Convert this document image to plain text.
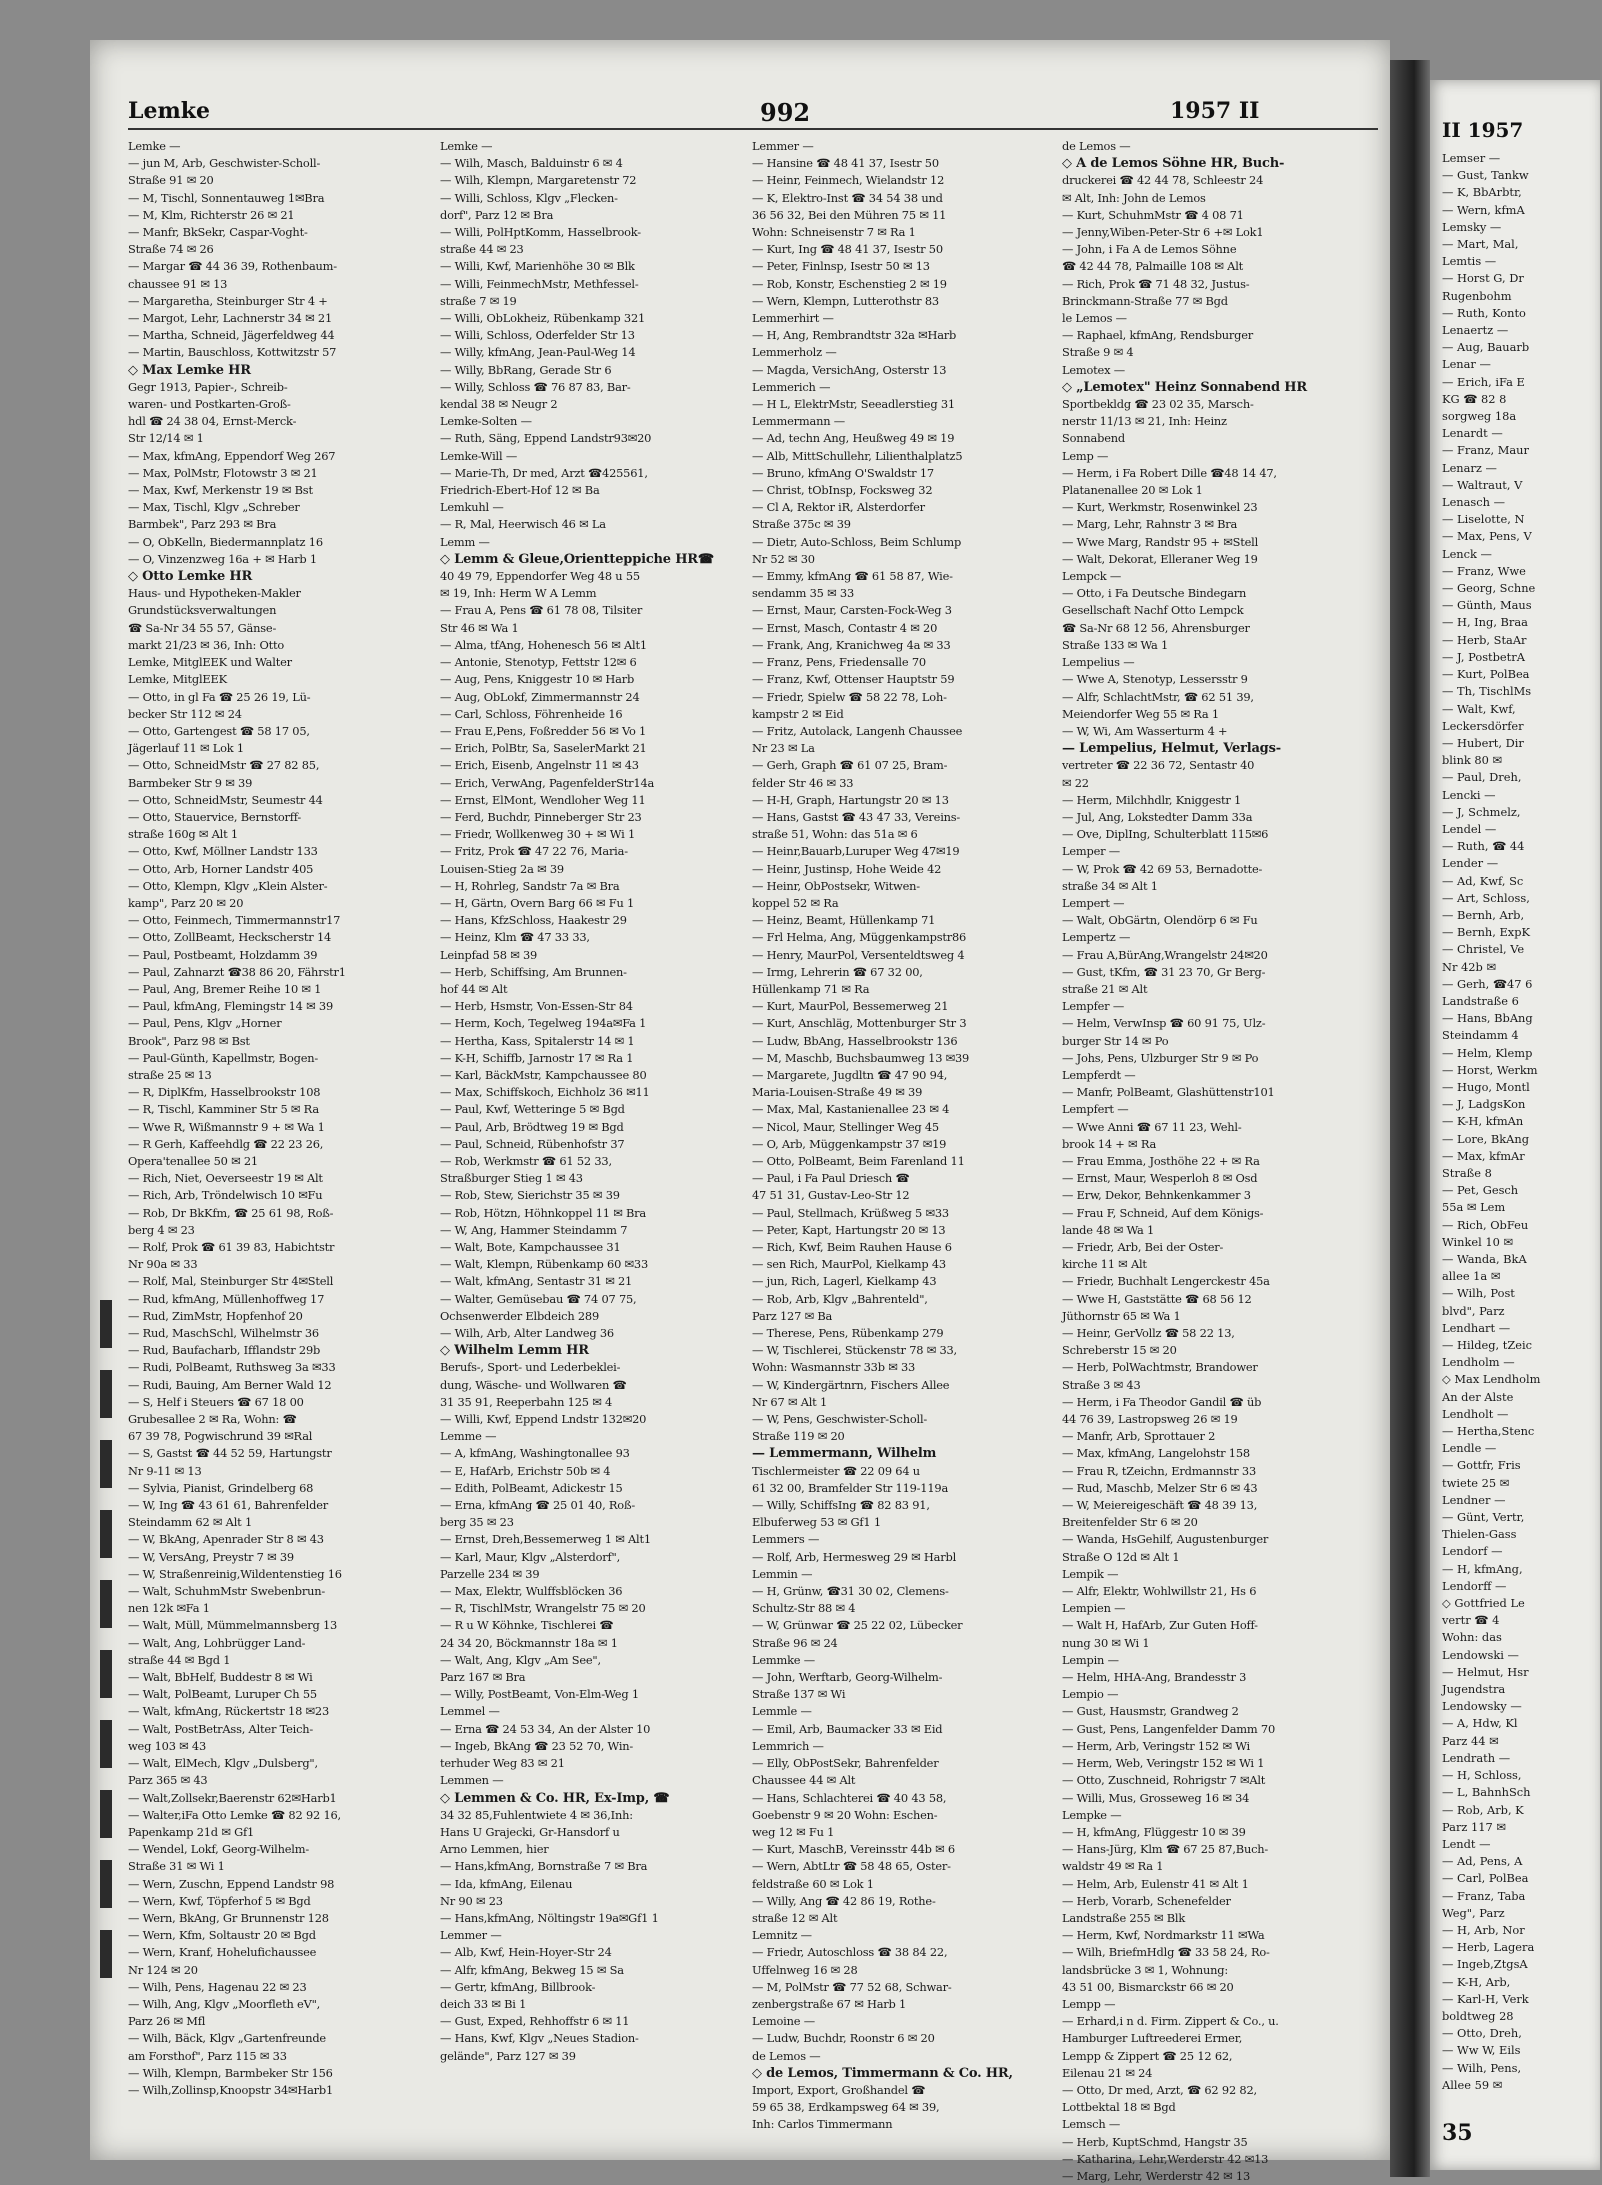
II 1957
Lemser —
— Gust, Tankw
— K, BbArbtr,
— Wern, kfmA
Lemsky —
— Mart, Mal,
Lemtis —
— Horst G, Dr
Rugenbohm
— Ruth, Konto
Lenaertz —
— Aug, Bauarb
Lenar —
— Erich, iFa E
KG ☎ 82 8
sorgweg 18a
Lenardt —
— Franz, Maur
Lenarz —
— Waltraut, V
Lenasch —
— Liselotte, N
— Max, Pens, V
Lenck —
— Franz, Wwe
— Georg, Schne
— Günth, Maus
— H, Ing, Braa
— Herb, StaAr
— J, PostbetrA
— Kurt, PolBea
— Th, TischlMs
— Walt, Kwf,
Leckersdörfer
— Hubert, Dir
blink 80 ✉
— Paul, Dreh,
Lencki —
— J, Schmelz,
Lendel —
— Ruth, ☎ 44
Lender —
— Ad, Kwf, Sc
— Art, Schloss,
— Bernh, Arb,
— Bernh, ExpK
— Christel, Ve
Nr 42b ✉
— Gerh, ☎47 6
Landstraße 6
— Hans, BbAng
Steindamm 4
— Helm, Klemp
— Horst, Werkm
— Hugo, Montl
— J, LadgsKon
— K-H, kfmAn
— Lore, BkAng
— Max, kfmAr
Straße 8
— Pet, Gesch
55a ✉ Lem
— Rich, ObFeu
Winkel 10 ✉
— Wanda, BkA
allee 1a ✉
— Wilh, Post
blvd", Parz
Lendhart —
— Hildeg, tZeic
Lendholm —
◇ Max Lendholm
An der Alste
Lendholt —
— Hertha,Stenc
Lendle —
— Gottfr, Fris
twiete 25 ✉
Lendner —
— Günt, Vertr,
Thielen-Gass
Lendorf —
— H, kfmAng,
Lendorff —
◇ Gottfried Le
vertr ☎ 4
Wohn: das
Lendowski —
— Helmut, Hsr
Jugendstra
Lendowsky —
— A, Hdw, Kl
Parz 44 ✉
Lendrath —
— H, Schloss,
— L, BahnhSch
— Rob, Arb, K
Parz 117 ✉
Lendt —
— Ad, Pens, A
— Carl, PolBea
— Franz, Taba
Weg", Parz
— H, Arb, Nor
— Herb, Lagera
— Ingeb,ZtgsA
— K-H, Arb,
— Karl-H, Verk
boldtweg 28
— Otto, Dreh,
— Ww W, Eils
— Wilh, Pens,
Allee 59 ✉
35
Lemke	992	1957 II
Lemke —
— jun M, Arb, Geschwister-Scholl-
Straße 91 ✉ 20
— M, Tischl, Sonnentauweg 1✉Bra
— M, Klm, Richterstr 26 ✉ 21
— Manfr, BkSekr, Caspar-Voght-
Straße 74 ✉ 26
— Margar ☎ 44 36 39, Rothenbaum-
chaussee 91 ✉ 13
— Margaretha, Steinburger Str 4 +
— Margot, Lehr, Lachnerstr 34 ✉ 21
— Martha, Schneid, Jägerfeldweg 44
— Martin, Bauschloss, Kottwitzstr 57
◇ Max Lemke HR
Gegr 1913, Papier-, Schreib-
waren- und Postkarten-Groß-
hdl ☎ 24 38 04, Ernst-Merck-
Str 12/14 ✉ 1
— Max, kfmAng, Eppendorf Weg 267
— Max, PolMstr, Flotowstr 3 ✉ 21
— Max, Kwf, Merkenstr 19 ✉ Bst
— Max, Tischl, Klgv „Schreber
Barmbek", Parz 293 ✉ Bra
— O, ObKelln, Biedermannplatz 16
— O, Vinzenzweg 16a + ✉ Harb 1
◇ Otto Lemke HR
Haus- und Hypotheken-Makler
Grundstücksverwaltungen
☎ Sa-Nr 34 55 57, Gänse-
markt 21/23 ✉ 36, Inh: Otto
Lemke, MitglEEK und Walter
Lemke, MitglEEK
— Otto, in gl Fa ☎ 25 26 19, Lü-
becker Str 112 ✉ 24
— Otto, Gartengest ☎ 58 17 05,
Jägerlauf 11 ✉ Lok 1
— Otto, SchneidMstr ☎ 27 82 85,
Barmbeker Str 9 ✉ 39
— Otto, SchneidMstr, Seumestr 44
— Otto, Stauervice, Bernstorff-
straße 160g ✉ Alt 1
— Otto, Kwf, Möllner Landstr 133
— Otto, Arb, Horner Landstr 405
— Otto, Klempn, Klgv „Klein Alster-
kamp", Parz 20 ✉ 20
— Otto, Feinmech, Timmermannstr17
— Otto, ZollBeamt, Heckscherstr 14
— Paul, Postbeamt, Holzdamm 39
— Paul, Zahnarzt ☎38 86 20, Fährstr1
— Paul, Ang, Bremer Reihe 10 ✉ 1
— Paul, kfmAng, Flemingstr 14 ✉ 39
— Paul, Pens, Klgv „Horner
Brook", Parz 98 ✉ Bst
— Paul-Günth, Kapellmstr, Bogen-
straße 25 ✉ 13
— R, DiplKfm, Hasselbrookstr 108
— R, Tischl, Kamminer Str 5 ✉ Ra
— Wwe R, Wißmannstr 9 + ✉ Wa 1
— R Gerh, Kaffeehdlg ☎ 22 23 26,
Opera'tenallee 50 ✉ 21
— Rich, Niet, Oeverseestr 19 ✉ Alt
— Rich, Arb, Tröndelwisch 10 ✉Fu
— Rob, Dr BkKfm, ☎ 25 61 98, Roß-
berg 4 ✉ 23
— Rolf, Prok ☎ 61 39 83, Habichtstr
Nr 90a ✉ 33
— Rolf, Mal, Steinburger Str 4✉Stell
— Rud, kfmAng, Müllenhoffweg 17
— Rud, ZimMstr, Hopfenhof 20
— Rud, MaschSchl, Wilhelmstr 36
— Rud, Baufacharb, Ifflandstr 29b
— Rudi, PolBeamt, Ruthsweg 3a ✉33
— Rudi, Bauing, Am Berner Wald 12
— S, Helf i Steuers ☎ 67 18 00
Grubesallee 2 ✉ Ra, Wohn: ☎
67 39 78, Pogwischrund 39 ✉Ral
— S, Gastst ☎ 44 52 59, Hartungstr
Nr 9-11 ✉ 13
— Sylvia, Pianist, Grindelberg 68
— W, Ing ☎ 43 61 61, Bahrenfelder
Steindamm 62 ✉ Alt 1
— W, BkAng, Apenrader Str 8 ✉ 43
— W, VersAng, Preystr 7 ✉ 39
— W, Straßenreinig,Wildentenstieg 16
— Walt, SchuhmMstr Swebenbrun-
nen 12k ✉Fa 1
— Walt, Müll, Mümmelmannsberg 13
— Walt, Ang, Lohbrügger Land-
straße 44 ✉ Bgd 1
— Walt, BbHelf, Buddestr 8 ✉ Wi
— Walt, PolBeamt, Luruper Ch 55
— Walt, kfmAng, Rückertstr 18 ✉23
— Walt, PostBetrAss, Alter Teich-
weg 103 ✉ 43
— Walt, ElMech, Klgv „Dulsberg",
Parz 365 ✉ 43
— Walt,Zollsekr,Baerenstr 62✉Harb1
— Walter,iFa Otto Lemke ☎ 82 92 16,
Papenkamp 21d ✉ Gf1
— Wendel, Lokf, Georg-Wilhelm-
Straße 31 ✉ Wi 1
— Wern, Zuschn, Eppend Landstr 98
— Wern, Kwf, Töpferhof 5 ✉ Bgd
— Wern, BkAng, Gr Brunnenstr 128
— Wern, Kfm, Soltaustr 20 ✉ Bgd
— Wern, Kranf, Hohelufichaussee
Nr 124 ✉ 20
— Wilh, Pens, Hagenau 22 ✉ 23
— Wilh, Ang, Klgv „Moorfleth eV",
Parz 26 ✉ Mfl
— Wilh, Bäck, Klgv „Gartenfreunde
am Forsthof", Parz 115 ✉ 33
— Wilh, Klempn, Barmbeker Str 156
— Wilh,Zollinsp,Knoopstr 34✉Harb1
Lemke —
— Wilh, Masch, Balduinstr 6 ✉ 4
— Wilh, Klempn, Margaretenstr 72
— Willi, Schloss, Klgv „Flecken-
dorf", Parz 12 ✉ Bra
— Willi, PolHptKomm, Hasselbrook-
straße 44 ✉ 23
— Willi, Kwf, Marienhöhe 30 ✉ Blk
— Willi, FeinmechMstr, Methfessel-
straße 7 ✉ 19
— Willi, ObLokheiz, Rübenkamp 321
— Willi, Schloss, Oderfelder Str 13
— Willy, kfmAng, Jean-Paul-Weg 14
— Willy, BbRang, Gerade Str 6
— Willy, Schloss ☎ 76 87 83, Bar-
kendal 38 ✉ Neugr 2
Lemke-Solten —
— Ruth, Säng, Eppend Landstr93✉20
Lemke-Will —
— Marie-Th, Dr med, Arzt ☎425561,
Friedrich-Ebert-Hof 12 ✉ Ba
Lemkuhl —
— R, Mal, Heerwisch 46 ✉ La
Lemm —
◇ Lemm & Gleue,Orientteppiche HR☎
40 49 79, Eppendorfer Weg 48 u 55
✉ 19, Inh: Herm W A Lemm
— Frau A, Pens ☎ 61 78 08, Tilsiter
Str 46 ✉ Wa 1
— Alma, tfAng, Hohenesch 56 ✉ Alt1
— Antonie, Stenotyp, Fettstr 12✉ 6
— Aug, Pens, Kniggestr 10 ✉ Harb
— Aug, ObLokf, Zimmermannstr 24
— Carl, Schloss, Föhrenheide 16
— Frau E,Pens, Foßredder 56 ✉ Vo 1
— Erich, PolBtr, Sa, SaselerMarkt 21
— Erich, Eisenb, Angelnstr 11 ✉ 43
— Erich, VerwAng, PagenfelderStr14a
— Ernst, ElMont, Wendloher Weg 11
— Ferd, Buchdr, Pinneberger Str 23
— Friedr, Wollkenweg 30 + ✉ Wi 1
— Fritz, Prok ☎ 47 22 76, Maria-
Louisen-Stieg 2a ✉ 39
— H, Rohrleg, Sandstr 7a ✉ Bra
— H, Gärtn, Overn Barg 66 ✉ Fu 1
— Hans, KfzSchloss, Haakestr 29
— Heinz, Klm ☎ 47 33 33,
Leinpfad 58 ✉ 39
— Herb, Schiffsing, Am Brunnen-
hof 44 ✉ Alt
— Herb, Hsmstr, Von-Essen-Str 84
— Herm, Koch, Tegelweg 194a✉Fa 1
— Hertha, Kass, Spitalerstr 14 ✉ 1
— K-H, Schiffb, Jarnostr 17 ✉ Ra 1
— Karl, BäckMstr, Kampchaussee 80
— Max, Schiffskoch, Eichholz 36 ✉11
— Paul, Kwf, Wetteringe 5 ✉ Bgd
— Paul, Arb, Brödtweg 19 ✉ Bgd
— Paul, Schneid, Rübenhofstr 37
— Rob, Werkmstr ☎ 61 52 33,
Straßburger Stieg 1 ✉ 43
— Rob, Stew, Sierichstr 35 ✉ 39
— Rob, Hötzn, Höhnkoppel 11 ✉ Bra
— W, Ang, Hammer Steindamm 7
— Walt, Bote, Kampchaussee 31
— Walt, Klempn, Rübenkamp 60 ✉33
— Walt, kfmAng, Sentastr 31 ✉ 21
— Walter, Gemüsebau ☎ 74 07 75,
Ochsenwerder Elbdeich 289
— Wilh, Arb, Alter Landweg 36
◇ Wilhelm Lemm HR
Berufs-, Sport- und Lederbeklei-
dung, Wäsche- und Wollwaren ☎
31 35 91, Reeperbahn 125 ✉ 4
— Willi, Kwf, Eppend Lndstr 132✉20
Lemme —
— A, kfmAng, Washingtonallee 93
— E, HafArb, Erichstr 50b ✉ 4
— Edith, PolBeamt, Adickestr 15
— Erna, kfmAng ☎ 25 01 40, Roß-
berg 35 ✉ 23
— Ernst, Dreh,Bessemerweg 1 ✉ Alt1
— Karl, Maur, Klgv „Alsterdorf",
Parzelle 234 ✉ 39
— Max, Elektr, Wulffsblöcken 36
— R, TischlMstr, Wrangelstr 75 ✉ 20
— R u W Köhnke, Tischlerei ☎
24 34 20, Böckmannstr 18a ✉ 1
— Walt, Ang, Klgv „Am See",
Parz 167 ✉ Bra
— Willy, PostBeamt, Von-Elm-Weg 1
Lemmel —
— Erna ☎ 24 53 34, An der Alster 10
— Ingeb, BkAng ☎ 23 52 70, Win-
terhuder Weg 83 ✉ 21
Lemmen —
◇ Lemmen & Co. HR, Ex-Imp, ☎
34 32 85,Fuhlentwiete 4 ✉ 36,Inh:
Hans U Grajecki, Gr-Hansdorf u
Arno Lemmen, hier
— Hans,kfmAng, Bornstraße 7 ✉ Bra
— Ida, kfmAng, Eilenau
Nr 90 ✉ 23
— Hans,kfmAng, Nöltingstr 19a✉Gf1 1
Lemmer —
— Alb, Kwf, Hein-Hoyer-Str 24
— Alfr, kfmAng, Bekweg 15 ✉ Sa
— Gertr, kfmAng, Billbrook-
deich 33 ✉ Bi 1
— Gust, Exped, Rehhoffstr 6 ✉ 11
— Hans, Kwf, Klgv „Neues Stadion-
gelände", Parz 127 ✉ 39
Lemmer —
— Hansine ☎ 48 41 37, Isestr 50
— Heinr, Feinmech, Wielandstr 12
— K, Elektro-Inst ☎ 34 54 38 und
36 56 32, Bei den Mühren 75 ✉ 11
Wohn: Schneisenstr 7 ✉ Ra 1
— Kurt, Ing ☎ 48 41 37, Isestr 50
— Peter, Finlnsp, Isestr 50 ✉ 13
— Rob, Konstr, Eschenstieg 2 ✉ 19
— Wern, Klempn, Lutterothstr 83
Lemmerhirt —
— H, Ang, Rembrandtstr 32a ✉Harb
Lemmerholz —
— Magda, VersichAng, Osterstr 13
Lemmerich —
— H L, ElektrMstr, Seeadlerstieg 31
Lemmermann —
— Ad, techn Ang, Heußweg 49 ✉ 19
— Alb, MittSchullehr, Lilienthalplatz5
— Bruno, kfmAng O'Swaldstr 17
— Christ, tObInsp, Fockswеg 32
— Cl A, Rektor iR, Alsterdorfer
Straße 375c ✉ 39
— Dietr, Auto-Schloss, Beim Schlump
Nr 52 ✉ 30
— Emmy, kfmAng ☎ 61 58 87, Wie-
sendamm 35 ✉ 33
— Ernst, Maur, Carsten-Fock-Weg 3
— Ernst, Masch, Contastr 4 ✉ 20
— Frank, Ang, Kranichweg 4a ✉ 33
— Franz, Pens, Friedensallе 70
— Franz, Kwf, Ottenser Hauptstr 59
— Friedr, Spielw ☎ 58 22 78, Loh-
kampstr 2 ✉ Eid
— Fritz, Autolack, Langenh Chaussee
Nr 23 ✉ La
— Gerh, Graph ☎ 61 07 25, Bram-
felder Str 46 ✉ 33
— H-H, Graph, Hartungstr 20 ✉ 13
— Hans, Gastst ☎ 43 47 33, Vereins-
straße 51, Wohn: das 51a ✉ 6
— Heinr,Bauarb,Luruper Weg 47✉19
— Heinr, Justinsp, Hohe Weide 42
— Heinr, ObPostsekr, Witwen-
koppel 52 ✉ Ra
— Heinz, Beamt, Hüllenkamp 71
— Frl Helma, Ang, Müggenkampstr86
— Henry, MaurPol, Versenteldtsweg 4
— Irmg, Lehrerin ☎ 67 32 00,
Hüllenkamp 71 ✉ Ra
— Kurt, MaurPol, Bessemerweg 21
— Kurt, Anschläg, Mottenburger Str 3
— Ludw, BbAng, Hasselbrookstr 136
— M, Maschb, Buchsbaumweg 13 ✉39
— Margarete, Jugdltn ☎ 47 90 94,
Maria-Louisen-Straße 49 ✉ 39
— Max, Mal, Kastanienallee 23 ✉ 4
— Nicol, Maur, Stellinger Weg 45
— O, Arb, Müggenkampstr 37 ✉19
— Otto, PolBeamt, Beim Farenland 11
— Paul, i Fa Paul Driesch ☎
47 51 31, Gustav-Leo-Str 12
— Paul, Stellmach, Krüßweg 5 ✉33
— Peter, Kapt, Hartungstr 20 ✉ 13
— Rich, Kwf, Beim Rauhen Hause 6
— sen Rich, MaurPol, Kielkamp 43
— jun, Rich, Lagerl, Kielkamp 43
— Rob, Arb, Klgv „Bahrenteld",
Parz 127 ✉ Ba
— Therese, Pens, Rübenkamp 279
— W, Tischlerei, Stückenstr 78 ✉ 33,
Wohn: Wasmannstr 33b ✉ 33
— W, Kindergärtnrn, Fischers Allee
Nr 67 ✉ Alt 1
— W, Pens, Geschwister-Scholl-
Straße 119 ✉ 20
— Lemmermann, Wilhelm
Tischlermeister ☎ 22 09 64 u
61 32 00, Bramfelder Str 119-119a
— Willy, SchiffsIng ☎ 82 83 91,
Elbuferweg 53 ✉ Gf1 1
Lemmers —
— Rolf, Arb, Hermesweg 29 ✉ Harbl
Lemmin —
— H, Grünw, ☎31 30 02, Clemens-
Schultz-Str 88 ✉ 4
— W, Grünwar ☎ 25 22 02, Lübecker
Straße 96 ✉ 24
Lemmke —
— John, Werftarb, Georg-Wilhelm-
Straße 137 ✉ Wi
Lemmle —
— Emil, Arb, Baumacker 33 ✉ Eid
Lemmrich —
— Elly, ObPostSekr, Bahrenfelder
Chaussee 44 ✉ Alt
— Hans, Schlachterei ☎ 40 43 58,
Goebenstr 9 ✉ 20 Wohn: Eschen-
weg 12 ✉ Fu 1
— Kurt, MaschB, Vereinsstr 44b ✉ 6
— Wern, AbtLtr ☎ 58 48 65, Oster-
feldstraße 60 ✉ Lok 1
— Willy, Ang ☎ 42 86 19, Rothe-
straße 12 ✉ Alt
Lemnitz —
— Friedr, Autoschloss ☎ 38 84 22,
Uffelnweg 16 ✉ 28
— M, PolMstr ☎ 77 52 68, Schwar-
zenbergstraße 67 ✉ Harb 1
Lemoine —
— Ludw, Buchdr, Roonstr 6 ✉ 20
de Lemos —
◇ de Lemos, Timmermann & Co. HR,
Import, Export, Großhandel ☎
59 65 38, Erdkampsweg 64 ✉ 39,
Inh: Carlos Timmermann
de Lemos —
◇ A de Lemos Söhne HR, Buch-
druckerei ☎ 42 44 78, Schleestr 24
✉ Alt, Inh: John de Lemos
— Kurt, SchuhmMstr ☎ 4 08 71
— Jenny,Wiben-Peter-Str 6 +✉ Lok1
— John, i Fa A de Lemos Söhne
☎ 42 44 78, Palmaille 108 ✉ Alt
— Rich, Prok ☎ 71 48 32, Justus-
Brinckmann-Straße 77 ✉ Bgd
le Lemos —
— Raphael, kfmAng, Rendsburger
Straße 9 ✉ 4
Lemotex —
◇ „Lemotex" Heinz Sonnabend HR
Sportbekldg ☎ 23 02 35, Marsch-
nerstr 11/13 ✉ 21, Inh: Heinz
Sonnabend
Lemp —
— Herm, i Fa Robert Dille ☎48 14 47,
Platanenallee 20 ✉ Lok 1
— Kurt, Werkmstr, Rosenwinkel 23
— Marg, Lehr, Rahnstr 3 ✉ Bra
— Wwe Marg, Randstr 95 + ✉Stell
— Walt, Dekorat, Elleraner Weg 19
Lempck —
— Otto, i Fa Deutsche Bindegarn
Gesellschaft Nachf Otto Lempck
☎ Sa-Nr 68 12 56, Ahrensburger
Straße 133 ✉ Wa 1
Lempelius —
— Wwe A, Stenotyp, Lessersstr 9
— Alfr, SchlachtMstr, ☎ 62 51 39,
Meiendorfer Weg 55 ✉ Ra 1
— W, Wi, Am Wasserturm 4 +
— Lempelius, Helmut, Verlags-
vertreter ☎ 22 36 72, Sentastr 40
✉ 22
— Herm, Milchhdlr, Kniggestr 1
— Jul, Ang, Lokstedter Damm 33a
— Ove, DiplIng, Schulterblatt 115✉6
Lemper —
— W, Prok ☎ 42 69 53, Bernadotte-
straße 34 ✉ Alt 1
Lempert —
— Walt, ObGärtn, Olendörp 6 ✉ Fu
Lempertz —
— Frau A,BürAng,Wrangelstr 24✉20
— Gust, tKfm, ☎ 31 23 70, Gr Berg-
straße 21 ✉ Alt
Lempfer —
— Helm, VerwInsp ☎ 60 91 75, Ulz-
burger Str 14 ✉ Po
— Johs, Pens, Ulzburger Str 9 ✉ Po
Lempferdt —
— Manfr, PolBeamt, Glashüttenstr101
Lempfert —
— Wwe Anni ☎ 67 11 23, Wehl-
brook 14 + ✉ Ra
— Frau Emma, Josthöhe 22 + ✉ Ra
— Ernst, Maur, Wesperloh 8 ✉ Osd
— Erw, Dekor, Behnkenkammer 3
— Frau F, Schneid, Auf dem Königs-
lande 48 ✉ Wa 1
— Friedr, Arb, Bei der Oster-
kirche 11 ✉ Alt
— Friedr, Buchhalt Lengerckestr 45a
— Wwe H, Gaststätte ☎ 68 56 12
Jüthornstr 65 ✉ Wa 1
— Heinr, GerVollz ☎ 58 22 13,
Schreberstr 15 ✉ 20
— Herb, PolWachtmstr, Brandower
Straße 3 ✉ 43
— Herm, i Fa Theodor Gandil ☎ üb
44 76 39, Lastropsweg 26 ✉ 19
— Manfr, Arb, Sprottauer 2
— Max, kfmAng, Langelohstr 158
— Frau R, tZeichn, Erdmannstr 33
— Rud, Maschb, Melzer Str 6 ✉ 43
— W, Meiereigeschäft ☎ 48 39 13,
Breitenfelder Str 6 ✉ 20
— Wanda, HsGehilf, Augustenburger
Straße O 12d ✉ Alt 1
Lempik —
— Alfr, Elektr, Wohlwillstr 21, Hs 6
Lempien —
— Walt H, HafArb, Zur Guten Hoff-
nung 30 ✉ Wi 1
Lempin —
— Helm, HHA-Ang, Brandesstr 3
Lempio —
— Gust, Hausmstr, Grandweg 2
— Gust, Pens, Langenfelder Damm 70
— Herm, Arb, Veringstr 152 ✉ Wi
— Herm, Web, Veringstr 152 ✉ Wi 1
— Otto, Zuschneid, Rohrigstr 7 ✉Alt
— Willi, Mus, Grosseweg 16 ✉ 34
Lempke —
— H, kfmAng, Flüggestr 10 ✉ 39
— Hans-Jürg, Klm ☎ 67 25 87,Buch-
waldstr 49 ✉ Ra 1
— Helm, Arb, Eulenstr 41 ✉ Alt 1
— Herb, Vorarb, Schenefelder
Landstraße 255 ✉ Blk
— Herm, Kwf, Nordmarkstr 11 ✉Wa
— Wilh, BriefmHdlg ☎ 33 58 24, Ro-
landsbrücke 3 ✉ 1, Wohnung:
43 51 00, Bismarckstr 66 ✉ 20
Lempp —
— Erhard,i n d. Firm. Zippert & Co., u.
Hamburger Luftreederei Ermer,
Lempp & Zippert ☎ 25 12 62,
Eilenau 21 ✉ 24
— Otto, Dr med, Arzt, ☎ 62 92 82,
Lottbektal 18 ✉ Bgd
Lemsch —
— Herb, KuptSchmd, Hangstr 35
— Katharina, Lehr,Werderstr 42 ✉13
— Marg, Lehr, Werderstr 42 ✉ 13
